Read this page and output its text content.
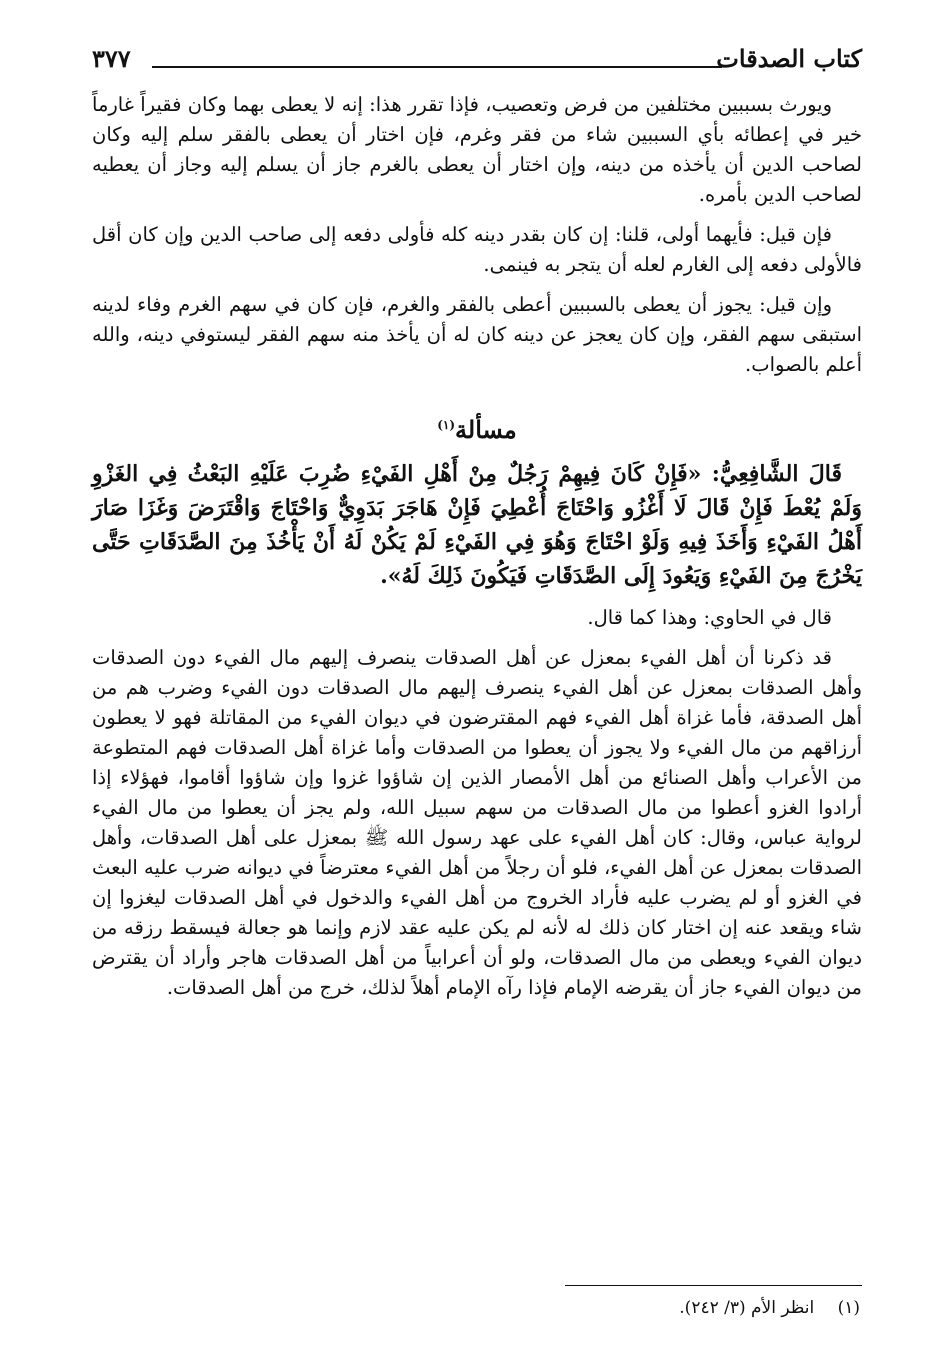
كتاب الصدقات
٣٧٧

ويورث بسببين مختلفين من فرض وتعصيب، فإذا تقرر هذا: إنه لا يعطى بهما وكان فقيراً غارماً خير في إعطائه بأي السببين شاء من فقر وغرم، فإن اختار أن يعطى بالفقر سلم إليه وكان لصاحب الدين أن يأخذه من دينه، وإن اختار أن يعطى بالغرم جاز أن يسلم إليه وجاز أن يعطيه لصاحب الدين بأمره.

فإن قيل: فأيهما أولى، قلنا: إن كان بقدر دينه كله فأولى دفعه إلى صاحب الدين وإن كان أقل فالأولى دفعه إلى الغارم لعله أن يتجر به فينمى.

وإن قيل: يجوز أن يعطى بالسببين أعطى بالفقر والغرم، فإن كان في سهم الغرم وفاء لدينه استبقى سهم الفقر، وإن كان يعجز عن دينه كان له أن يأخذ منه سهم الفقر ليستوفي دينه، والله أعلم بالصواب.

مسألة$^{(١)}$

قَالَ الشَّافِعِيُّ: «فَإِنْ كَانَ فِيهِمْ رَجُلٌ مِنْ أَهْلِ الفَيْءِ ضُرِبَ عَلَيْهِ البَعْثُ فِي الغَزْوِ وَلَمْ يُعْطَ فَإِنْ قَالَ لَا أَغْزُو وَاحْتَاجَ أُعْطِيَ فَإِنْ هَاجَرَ بَدَوِيٌّ وَاحْتَاجَ وَاقْتَرَضَ وَغَزَا صَارَ أَهْلُ الفَيْءِ وَأَخَذَ فِيهِ وَلَوْ احْتَاجَ وَهُوَ فِي الفَيْءِ لَمْ يَكُنْ لَهُ أَنْ يَأْخُذَ مِنَ الصَّدَقَاتِ حَتَّى يَخْرُجَ مِنَ الفَيْءِ وَيَعُودَ إِلَى الصَّدَقَاتِ فَيَكُونَ ذَلِكَ لَهُ».

قال في الحاوي: وهذا كما قال.

قد ذكرنا أن أهل الفيء بمعزل عن أهل الصدقات ينصرف إليهم مال الفيء دون الصدقات وأهل الصدقات بمعزل عن أهل الفيء ينصرف إليهم مال الصدقات دون الفيء وضرب هم من أهل الصدقة، فأما غزاة أهل الفيء فهم المقترضون في ديوان الفيء من المقاتلة فهو لا يعطون أرزاقهم من مال الفيء ولا يجوز أن يعطوا من الصدقات وأما غزاة أهل الصدقات فهم المتطوعة من الأعراب وأهل الصنائع من أهل الأمصار الذين إن شاؤوا غزوا وإن شاؤوا أقاموا، فهؤلاء إذا أرادوا الغزو أعطوا من مال الصدقات من سهم سبيل الله، ولم يجز أن يعطوا من مال الفيء لرواية عباس، وقال: كان أهل الفيء على عهد رسول الله ﷺ بمعزل على أهل الصدقات، وأهل الصدقات بمعزل عن أهل الفيء، فلو أن رجلاً من أهل الفيء معترضاً في ديوانه ضرب عليه البعث في الغزو أو لم يضرب عليه فأراد الخروج من أهل الفيء والدخول في أهل الصدقات ليغزوا إن شاء ويقعد عنه إن اختار كان ذلك له لأنه لم يكن عليه عقد لازم وإنما هو جعالة فيسقط رزقه من ديوان الفيء ويعطى من مال الصدقات، ولو أن أعرابياً من أهل الصدقات هاجر وأراد أن يقترض من ديوان الفيء جاز أن يقرضه الإمام فإذا رآه الإمام أهلاً لذلك، خرج من أهل الصدقات.

(١) انظر الأم (٣/ ٢٤٢).
